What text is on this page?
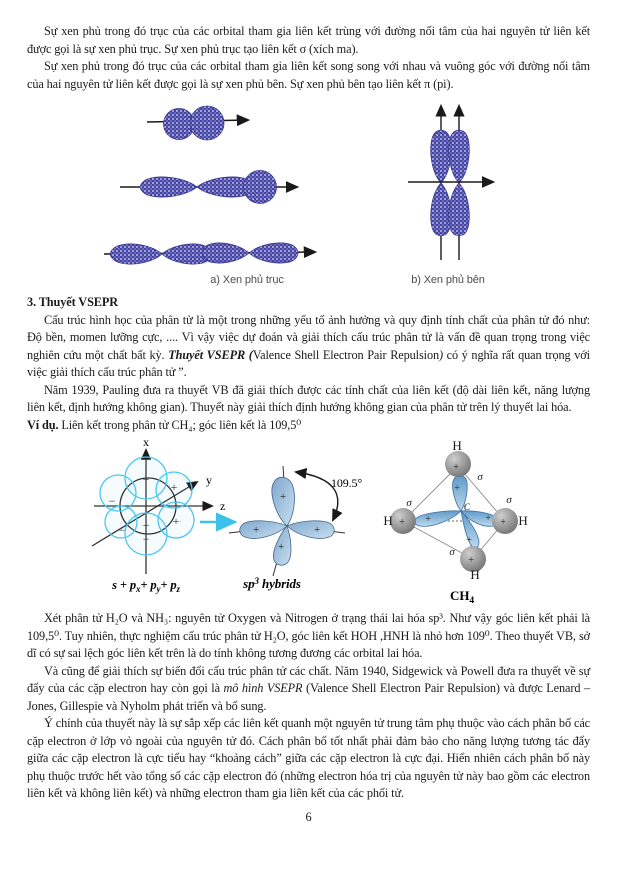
Sự xen phủ trong đó trục của các orbital tham gia liên kết trùng với đường nối tâm của hai nguyên tử liên kết được gọi là sự xen phủ trục. Sự xen phủ trục tạo liên kết σ (xích ma).

Sự xen phủ trong đó trục của các orbital tham gia liên kết song song với nhau và vuông góc với đường nối tâm của hai nguyên tử liên kết được gọi là sự xen phủ bên. Sự xen phủ bên tạo liên kết π (pi).

a) Xen phủ trục	b) Xen phủ bên

3. Thuyết VSEPR

Cấu trúc hình học của phân tử là một trong những yếu tố ảnh hưởng và quy định tính chất của phân tử đó như: Độ bền, momen lưỡng cực, .... Vì vậy việc dự đoán và giải thích cấu trúc phân tử là vấn đề quan trọng trong việc nghiên cứu một chất bất kỳ. Thuyết VSEPR (Valence Shell Electron Pair Repulsion) có ý nghĩa rất quan trọng với việc giải thích cấu trúc phân tử ”.

Năm 1939, Pauling đưa ra thuyết VB đã giải thích được các tính chất của liên kết (độ dài liên kết, năng lượng liên kết, định hướng không gian). Thuyết này giải thích định hướng không gian của phân tử trên lý thuyết lai hóa.

Ví dụ. Liên kết trong phân tử CH₄; góc liên kết là 109,5⁰

x
y
z
+
+
−
+
− +
−
$s + p_x+ p_y+ p_z$
+
+	+
+
109.5°
$sp^3$ hybrids
+
+	+
+
+
+	+
+
C
σ
σ	σ
σ
H
H	H
H
$CH_4$

Xét phân tử H₂O và NH₃: nguyên tử Oxygen và Nitrogen ở trạng thái lai hóa sp³. Như vậy góc liên kết phải là 109,5⁰. Tuy nhiên, thực nghiệm cấu trúc phân tử H₂O, góc liên kết HOH ,HNH là nhỏ hơn 109⁰. Theo thuyết VB, sở dĩ có sự sai lệch góc liên kết trên là do tính không tương đương các orbital lai hóa.

Và cũng để giải thích sự biến đổi cấu trúc phân tử các chất. Năm 1940, Sidgewick và Powell đưa ra thuyết về sự đẩy của các cặp electron hay còn gọi là mô hình VSEPR (Valence Shell Electron Pair Repulsion) và được Lenard – Jones, Gillespie và Nyholm phát triển và bổ sung.

Ý chính của thuyết này là sự sắp xếp các liên kết quanh một nguyên tử trung tâm phụ thuộc vào cách phân bố các cặp electron ở lớp vỏ ngoài của nguyên tử đó. Cách phân bố tốt nhất phải đảm bảo cho năng lượng tương tác đẩy giữa các cặp electron là cực tiểu hay “khoảng cách” giữa các cặp electron là cực đại. Hiển nhiên cách phân bố này phụ thuộc trước hết vào tổng số các cặp electron đó (những electron hóa trị của nguyên tử này bao gồm các electron liên kết và không liên kết) và những electron tham gia liên kết của các phối tử.

6
